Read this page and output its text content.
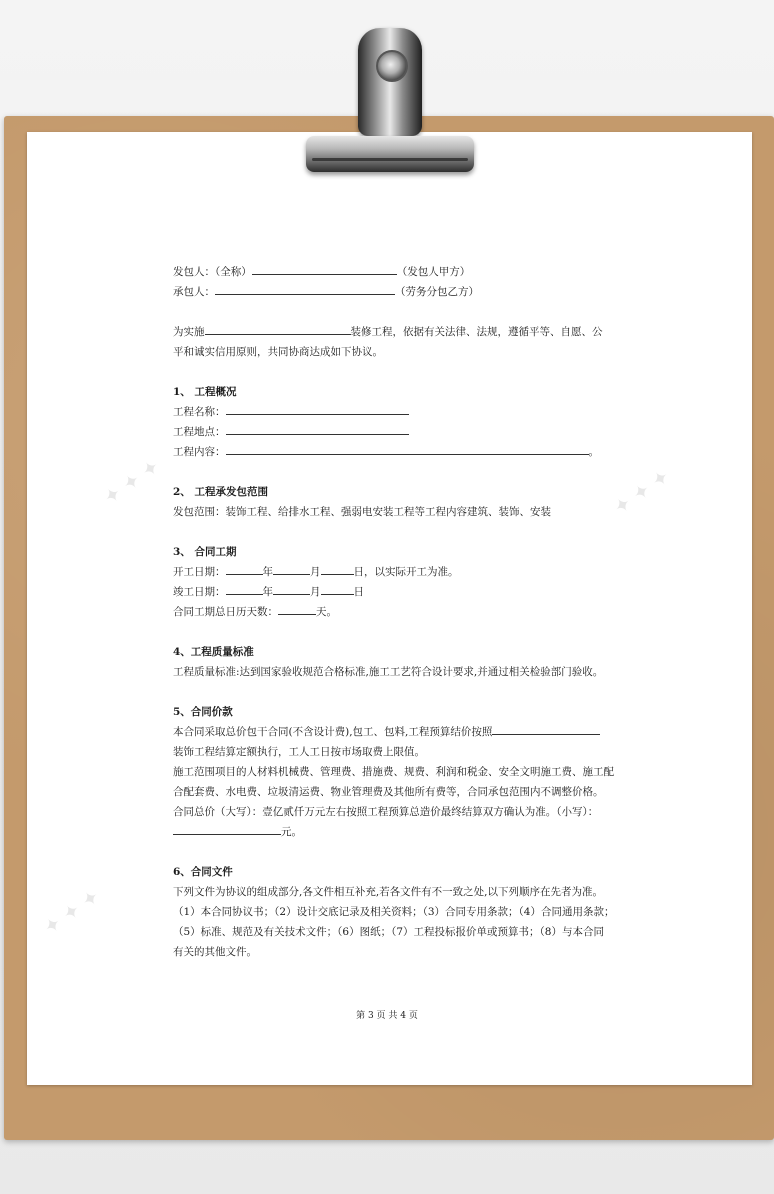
✦ ✦ ✦	✦ ✦ ✦
✦ ✦ ✦
发包人：（全称）	（发包人甲方）
承包人：	（劳务分包乙方）
为实施	装修工程，依据有关法律、法规，遵循平等、自愿、公
平和诚实信用原则，共同协商达成如下协议。
1、 工程概况
工程名称：
工程地点：
工程内容：	。
2、 工程承发包范围
发包范围：装饰工程、给排水工程、强弱电安装工程等工程内容建筑、装饰、安装
3、 合同工期
开工日期：	年	月	日，以实际开工为准。
竣工日期：	年	月	日
合同工期总日历天数：	天。
4、工程质量标准
工程质量标准:达到国家验收规范合格标准,施工工艺符合设计要求,并通过相关检验部门验收。
5、合同价款
本合同采取总价包干合同(不含设计费),包工、包料,工程预算结价按照
装饰工程结算定额执行，工人工日按市场取费上限值。
施工范围项目的人材料机械费、管理费、措施费、规费、利润和税金、安全文明施工费、施工配
合配套费、水电费、垃圾清运费、物业管理费及其他所有费等，合同承包范围内不调整价格。
合同总价（大写）：壹亿贰仟万元左右按照工程预算总造价最终结算双方确认为准。（小写）：
元。
6、合同文件
下列文件为协议的组成部分,各文件相互补充,若各文件有不一致之处,以下列顺序在先者为准。
（1）本合同协议书；（2）设计交底记录及相关资料；（3）合同专用条款；（4）合同通用条款；
（5）标准、规范及有关技术文件；（6）图纸；（7）工程投标报价单或预算书；（8）与本合同
有关的其他文件。
第 3 页 共 4 页
